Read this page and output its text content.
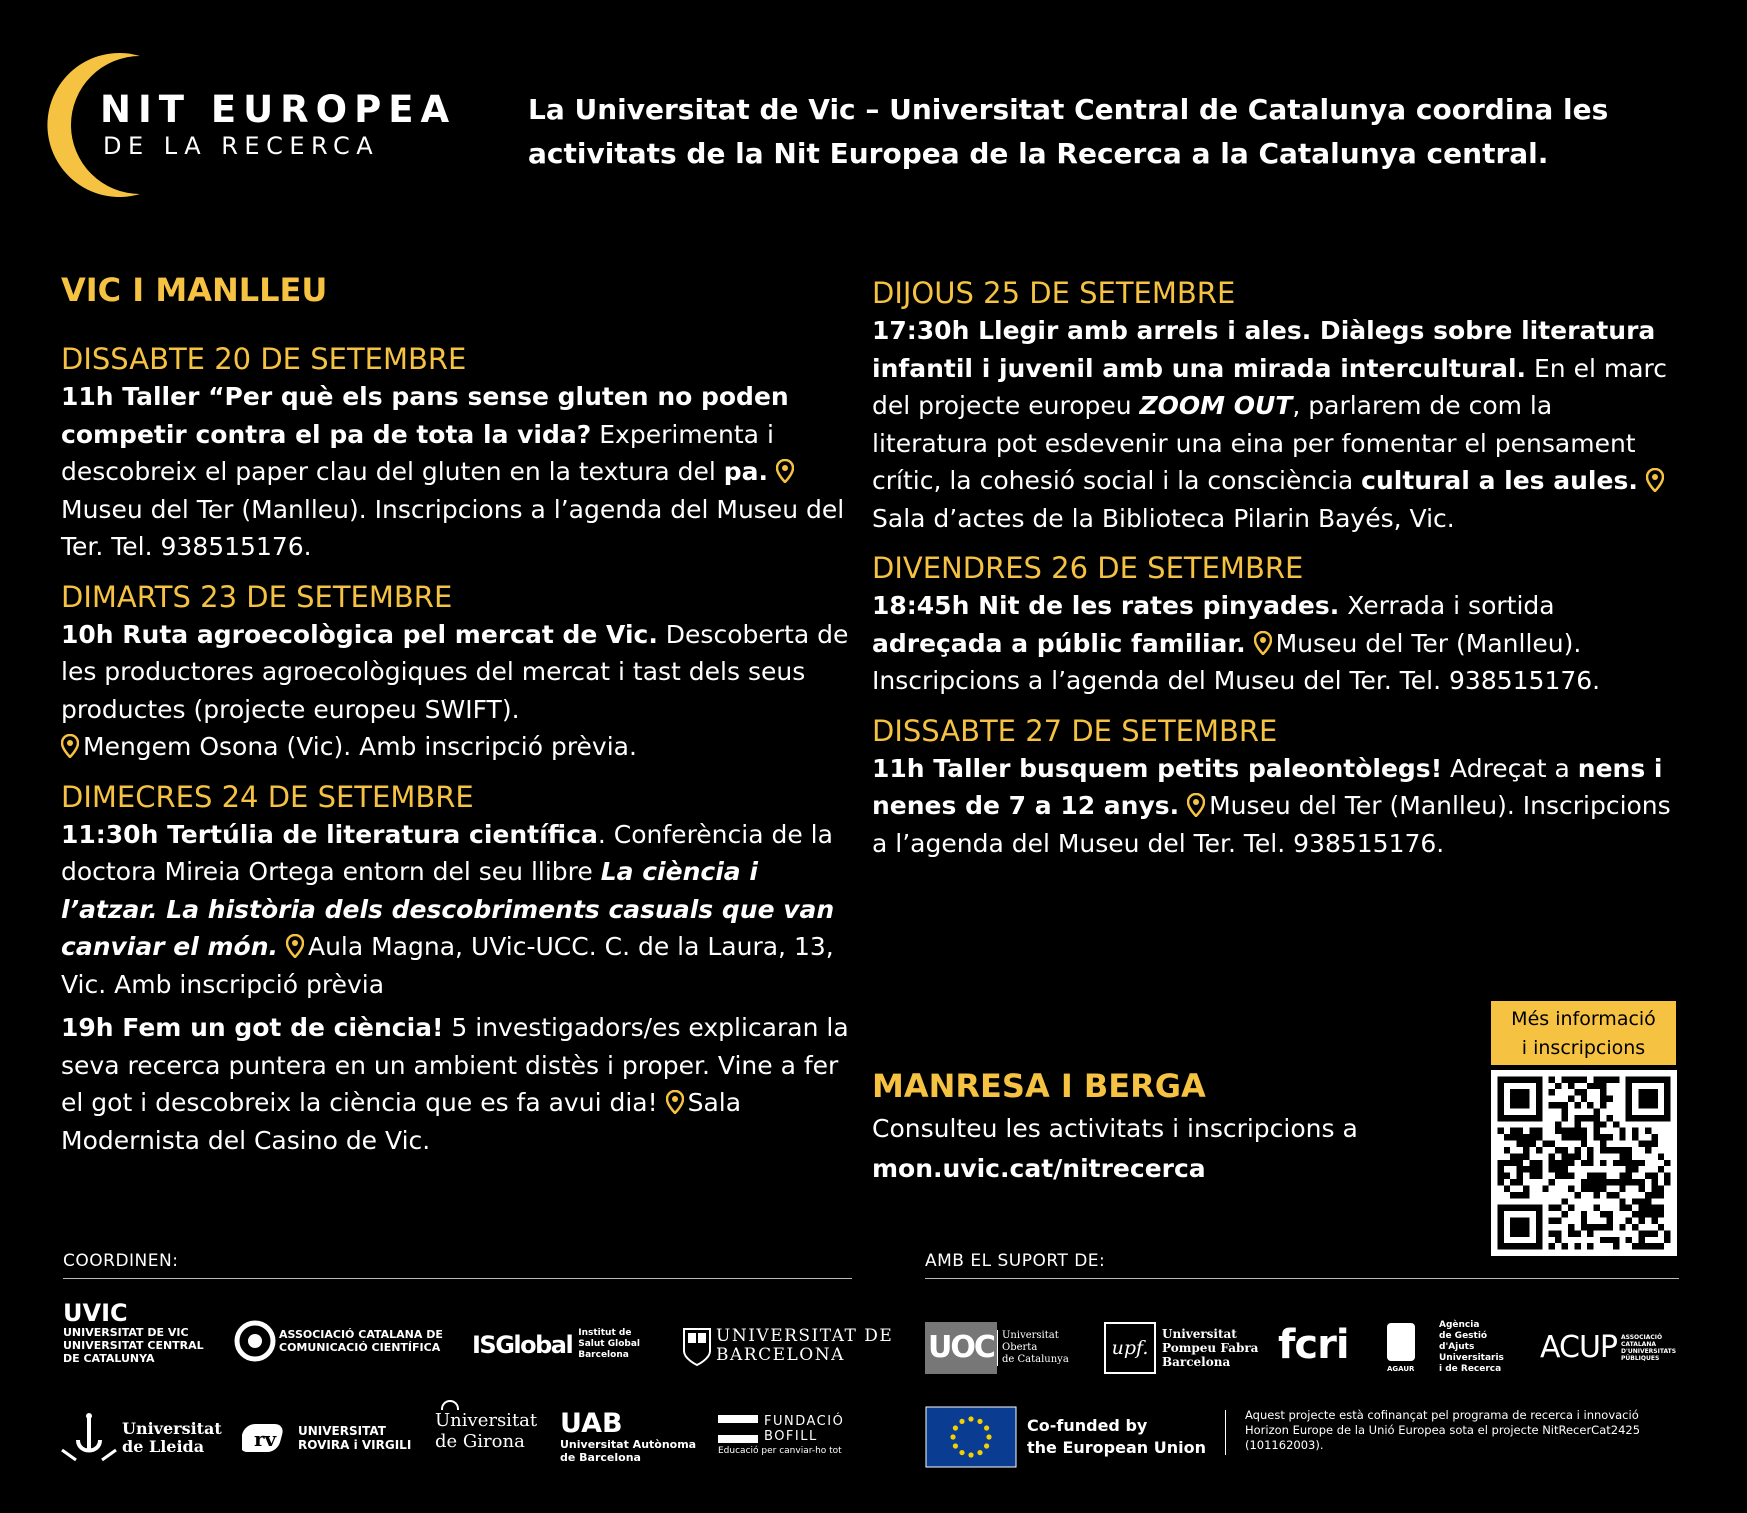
NIT EUROPEA
DE LA RECERCA
La Universitat de Vic – Universitat Central de Catalunya coordina les activitats de la Nit Europea de la Recerca a la Catalunya central.
VIC I MANLLEU
DISSABTE 20 DE SETEMBRE
11h Taller “Per què els pans sense gluten no poden competir contra el pa de tota la vida? Experimenta i descobreix el paper clau del gluten en la textura del pa. Museu del Ter (Manlleu). Inscripcions a l’agenda del Museu del Ter. Tel. 938515176.
DIMARTS 23 DE SETEMBRE
10h Ruta agroecològica pel mercat de Vic. Descoberta de les productores agroecològiques del mercat i tast dels seus productes (projecte europeu SWIFT).
Mengem Osona (Vic). Amb inscripció prèvia.
DIMECRES 24 DE SETEMBRE
11:30h Tertúlia de literatura científica. Conferència de la doctora Mireia Ortega entorn del seu llibre La ciència i l’atzar. La història dels descobriments casuals que van canviar el món. Aula Magna, UVic-UCC. C. de la Laura, 13, Vic. Amb inscripció prèvia
19h Fem un got de ciència! 5 investigadors/es explicaran la seva recerca puntera en un ambient distès i proper. Vine a fer el got i descobreix la ciència que es fa avui dia! Sala Modernista del Casino de Vic.
DIJOUS 25 DE SETEMBRE
17:30h Llegir amb arrels i ales. Diàlegs sobre literatura infantil i juvenil amb una mirada intercultural. En el marc del projecte europeu ZOOM OUT, parlarem de com la literatura pot esdevenir una eina per fomentar el pensament crític, la cohesió social i la consciència cultural a les aules. Sala d’actes de la Biblioteca Pilarin Bayés, Vic.
DIVENDRES 26 DE SETEMBRE
18:45h Nit de les rates pinyades. Xerrada i sortida adreçada a públic familiar. Museu del Ter (Manlleu). Inscripcions a l’agenda del Museu del Ter. Tel. 938515176.
DISSABTE 27 DE SETEMBRE
11h Taller busquem petits paleontòlegs! Adreçat a nens i nenes de 7 a 12 anys. Museu del Ter (Manlleu). Inscripcions a l’agenda del Museu del Ter. Tel. 938515176.
MANRESA I BERGA
Consulteu les activitats i inscripcions a
mon.uvic.cat/nitrecerca
Més informació
i inscripcions
COORDINEN:	AMB EL SUPORT DE:
UVIC
UNIVERSITAT DE VIC
UNIVERSITAT CENTRAL
DE CATALUNYA
ASSOCIACIÓ CATALANA DE
COMUNICACIÓ CIENTÍFICA ISGlobal Institut de
Salut Global
Barcelona
UNIVERSITAT DE
BARCELONA
Universitat
de Lleida	rv UNIVERSITAT
ROVIRA i VIRGILI
Universitat
de Girona
UAB
Universitat Autònoma
de Barcelona
FUNDACIÓ
BOFILL
Educació per canviar-ho tot
UOC Universitat
Oberta
de Catalunya
upf.
Universitat
Pompeu Fabra
Barcelona	fcri
AGAUR
Agència
de Gestió
d'Ajuts
Universitaris
i de Recerca
ACUP ASSOCIACIÓ
CATALANA
D'UNIVERSITATS
PÚBLIQUES
Co-funded by
the European Union
Aquest projecte està cofinançat pel programa de recerca i innovació Horizon Europe de la Unió Europea sota el projecte NitRecerCat2425 (101162003).
